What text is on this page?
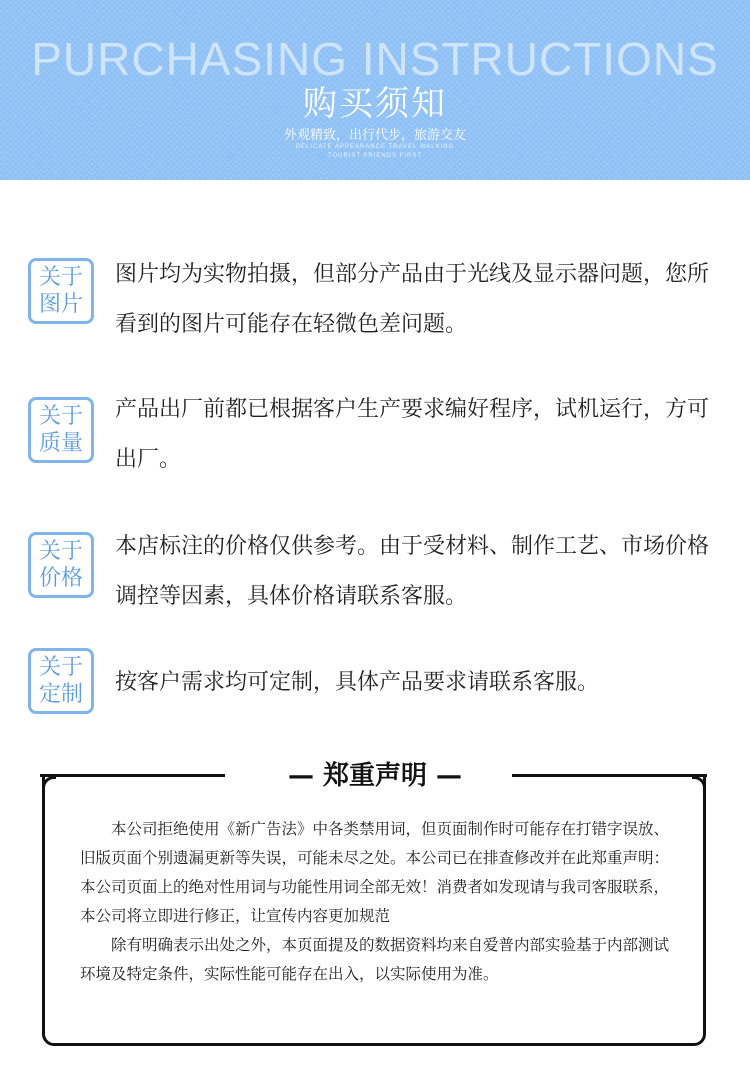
PURCHASING INSTRUCTIONS
购买须知
外观精致，出行代步，旅游交友
DELICATE APPEARANCE TRAVEL WALKING
TOURIST FRIENDS FIRST
关于
图片
图片均为实物拍摄，但部分产品由于光线及显示器问题，您所看到的图片可能存在轻微色差问题。
关于
质量
产品出厂前都已根据客户生产要求编好程序，试机运行，方可出厂。
关于
价格
本店标注的价格仅供参考。由于受材料、制作工艺、市场价格调控等因素，具体价格请联系客服。
关于
定制 按客户需求均可定制，具体产品要求请联系客服。
— 郑重声明 —

本公司拒绝使用《新广告法》中各类禁用词，但页面制作时可能存在打错字误放、旧版页面个别遗漏更新等失误，可能未尽之处。本公司已在排查修改并在此郑重声明：本公司页面上的绝对性用词与功能性用词全部无效！消费者如发现请与我司客服联系，本公司将立即进行修正，让宣传内容更加规范

除有明确表示出处之外，本页面提及的数据资料均来自爱普内部实验基于内部测试环境及特定条件，实际性能可能存在出入，以实际使用为准。
